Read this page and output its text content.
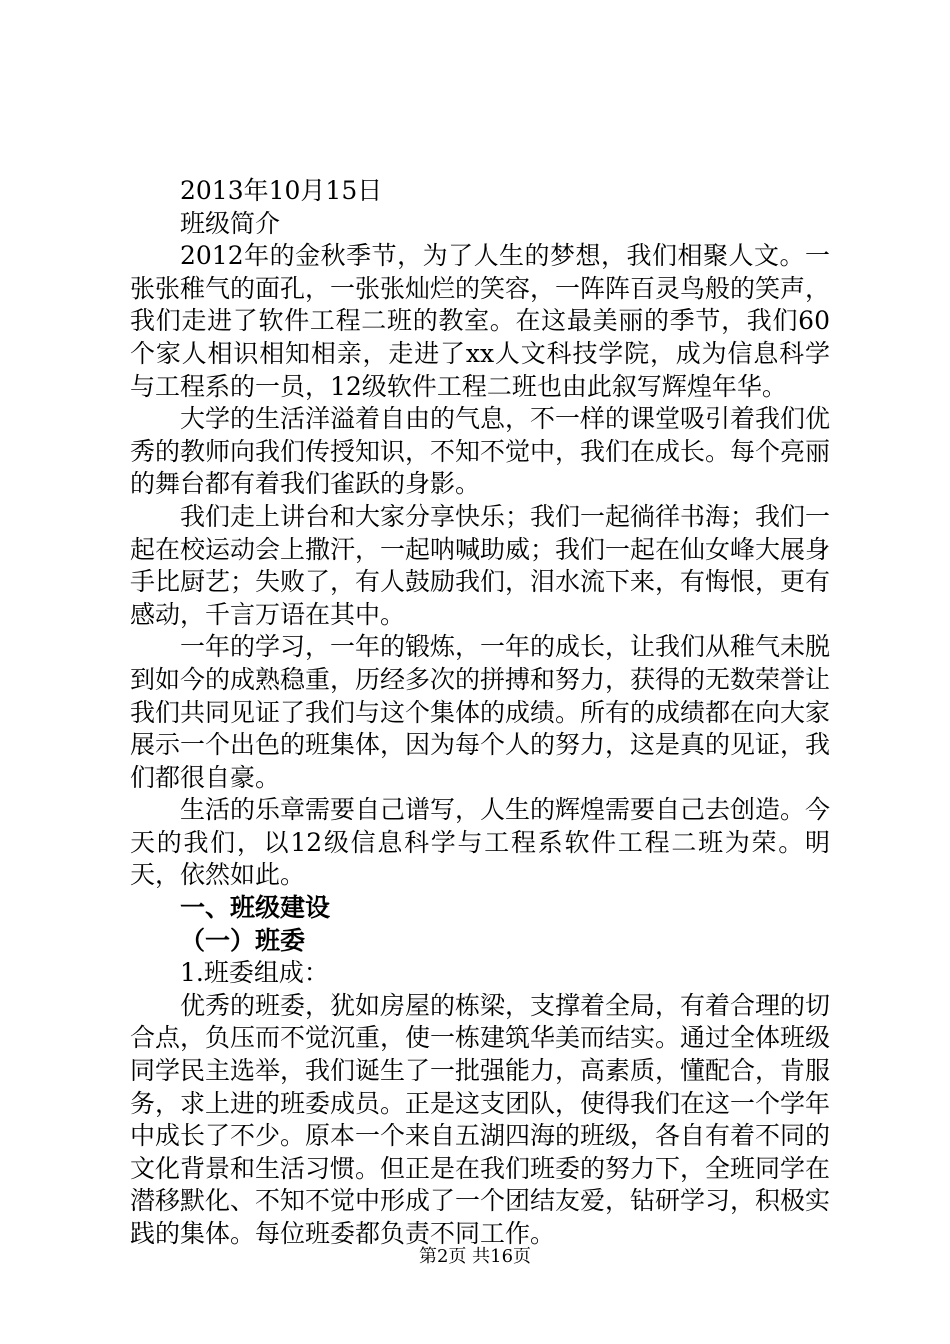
2013年10月15日

班级简介

2012年的金秋季节，为了人生的梦想，我们相聚人文。一张张稚气的面孔，一张张灿烂的笑容，一阵阵百灵鸟般的笑声，我们走进了软件工程二班的教室。在这最美丽的季节，我们60个家人相识相知相亲，走进了xx人文科技学院，成为信息科学与工程系的一员，12级软件工程二班也由此叙写辉煌年华。

大学的生活洋溢着自由的气息，不一样的课堂吸引着我们优秀的教师向我们传授知识，不知不觉中，我们在成长。每个亮丽的舞台都有着我们雀跃的身影。

我们走上讲台和大家分享快乐；我们一起徜徉书海；我们一起在校运动会上撒汗，一起呐喊助威；我们一起在仙女峰大展身手比厨艺；失败了，有人鼓励我们，泪水流下来，有悔恨，更有感动，千言万语在其中。

一年的学习，一年的锻炼，一年的成长，让我们从稚气未脱到如今的成熟稳重，历经多次的拼搏和努力，获得的无数荣誉让我们共同见证了我们与这个集体的成绩。所有的成绩都在向大家展示一个出色的班集体，因为每个人的努力，这是真的见证，我们都很自豪。

生活的乐章需要自己谱写，人生的辉煌需要自己去创造。今天的我们，以12级信息科学与工程系软件工程二班为荣。明天，依然如此。

一、班级建设

（一）班委

1.班委组成：

优秀的班委，犹如房屋的栋梁，支撑着全局，有着合理的切合点，负压而不觉沉重，使一栋建筑华美而结实。通过全体班级同学民主选举，我们诞生了一批强能力，高素质，懂配合，肯服务，求上进的班委成员。正是这支团队，使得我们在这一个学年中成长了不少。原本一个来自五湖四海的班级，各自有着不同的文化背景和生活习惯。但正是在我们班委的努力下，全班同学在潜移默化、不知不觉中形成了一个团结友爱，钻研学习，积极实践的集体。每位班委都负责不同工作。

第2页 共16页
